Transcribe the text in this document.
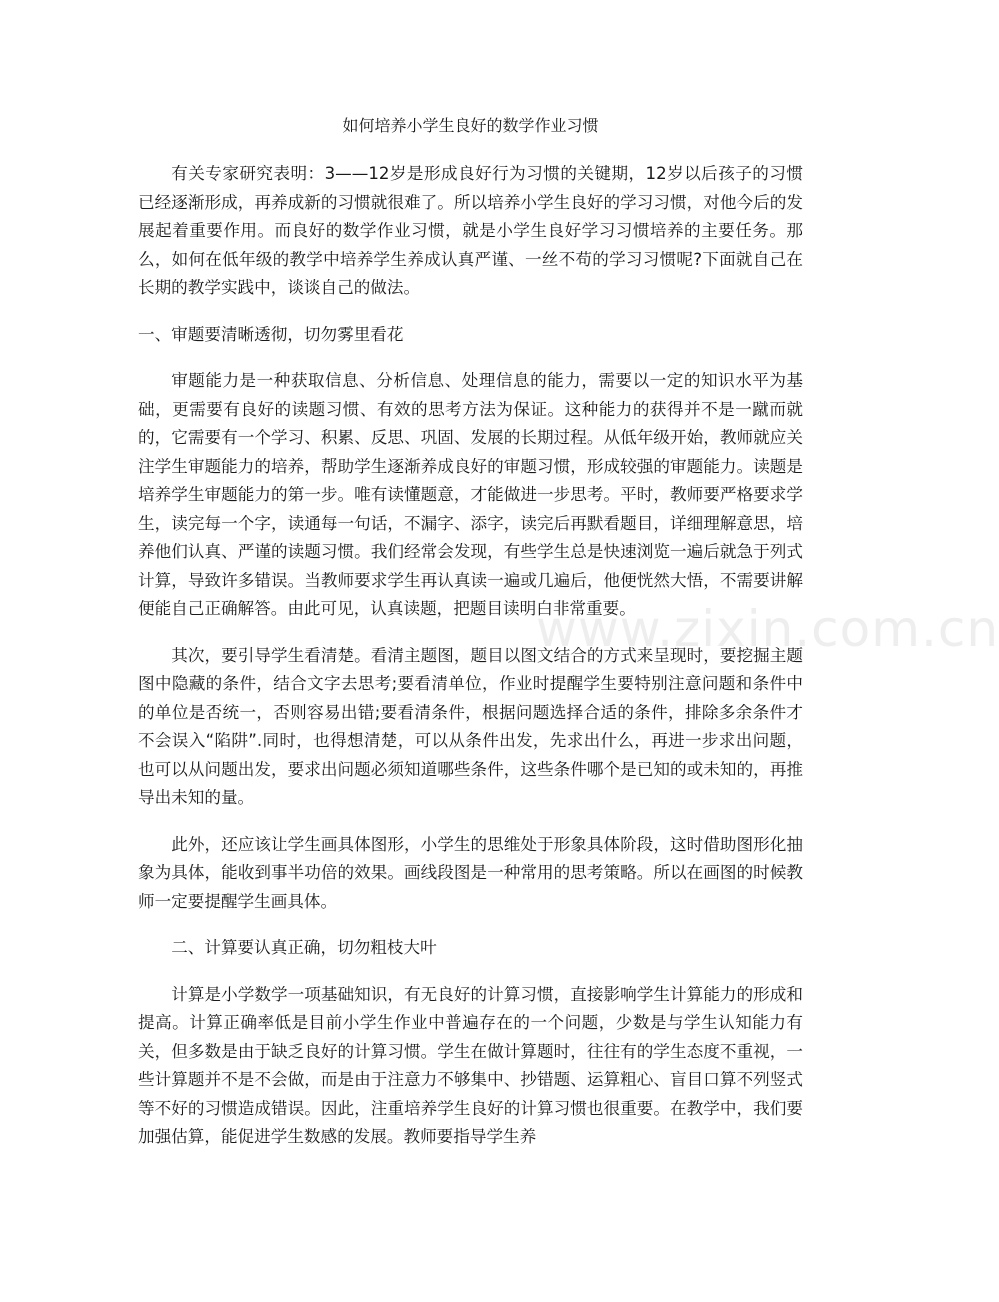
如何培养小学生良好的数学作业习惯

有关专家研究表明：3——12岁是形成良好行为习惯的关键期，12岁以后孩子的习惯已经逐渐形成，再养成新的习惯就很难了。所以培养小学生良好的学习习惯，对他今后的发展起着重要作用。而良好的数学作业习惯，就是小学生良好学习习惯培养的主要任务。那么，如何在低年级的教学中培养学生养成认真严谨、一丝不苟的学习习惯呢?下面就自己在长期的教学实践中，谈谈自己的做法。

一、审题要清晰透彻，切勿雾里看花

审题能力是一种获取信息、分析信息、处理信息的能力，需要以一定的知识水平为基础，更需要有良好的读题习惯、有效的思考方法为保证。这种能力的获得并不是一蹴而就的，它需要有一个学习、积累、反思、巩固、发展的长期过程。从低年级开始，教师就应关注学生审题能力的培养，帮助学生逐渐养成良好的审题习惯，形成较强的审题能力。读题是培养学生审题能力的第一步。唯有读懂题意，才能做进一步思考。平时，教师要严格要求学生，读完每一个字，读通每一句话，不漏字、添字，读完后再默看题目，详细理解意思，培养他们认真、严谨的读题习惯。我们经常会发现，有些学生总是快速浏览一遍后就急于列式计算，导致许多错误。当教师要求学生再认真读一遍或几遍后，他便恍然大悟，不需要讲解便能自己正确解答。由此可见，认真读题，把题目读明白非常重要。

其次，要引导学生看清楚。看清主题图，题目以图文结合的方式来呈现时，要挖掘主题图中隐藏的条件，结合文字去思考;要看清单位，作业时提醒学生要特别注意问题和条件中的单位是否统一，否则容易出错;要看清条件，根据问题选择合适的条件，排除多余条件才不会误入“陷阱”.同时，也得想清楚，可以从条件出发，先求出什么，再进一步求出问题，也可以从问题出发，要求出问题必须知道哪些条件，这些条件哪个是已知的或未知的，再推导出未知的量。

此外，还应该让学生画具体图形，小学生的思维处于形象具体阶段，这时借助图形化抽象为具体，能收到事半功倍的效果。画线段图是一种常用的思考策略。所以在画图的时候教师一定要提醒学生画具体。

二、计算要认真正确，切勿粗枝大叶

计算是小学数学一项基础知识，有无良好的计算习惯，直接影响学生计算能力的形成和提高。计算正确率低是目前小学生作业中普遍存在的一个问题，少数是与学生认知能力有关，但多数是由于缺乏良好的计算习惯。学生在做计算题时，往往有的学生态度不重视，一些计算题并不是不会做，而是由于注意力不够集中、抄错题、运算粗心、盲目口算不列竖式等不好的习惯造成错误。因此，注重培养学生良好的计算习惯也很重要。在教学中，我们要加强估算，能促进学生数感的发展。教师要指导学生养

www.zixin.com.cn
